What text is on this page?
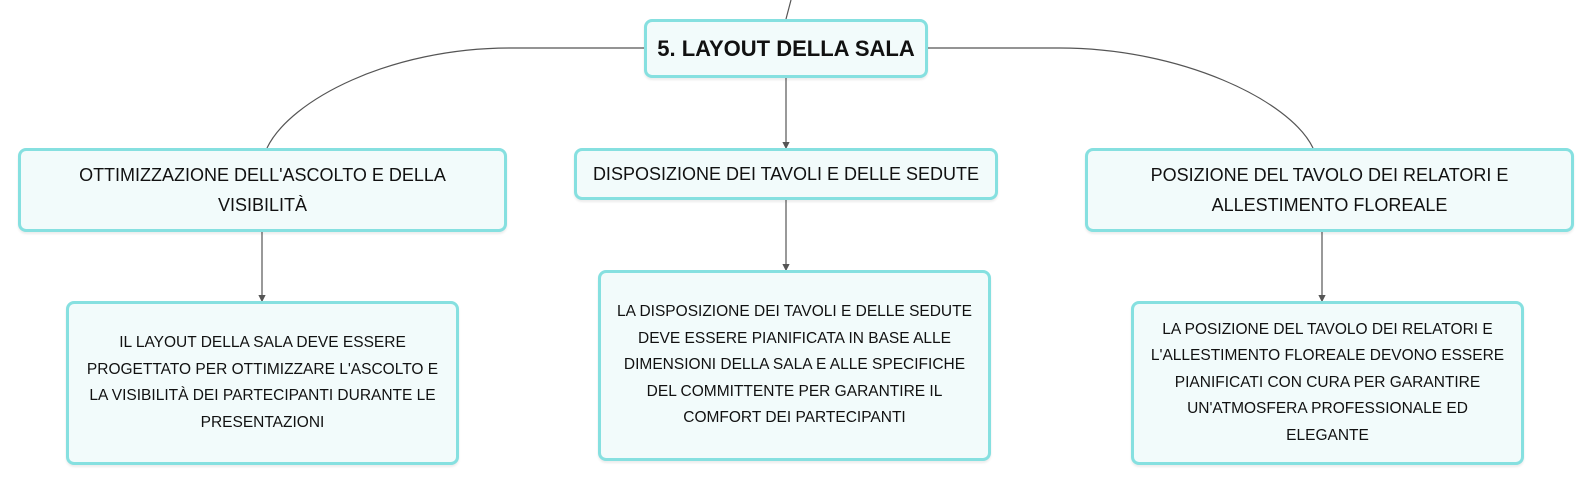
5. LAYOUT DELLA SALA
OTTIMIZZAZIONE DELL'ASCOLTO E DELLA VISIBILITÀ
DISPOSIZIONE DEI TAVOLI E DELLE SEDUTE	POSIZIONE DEL TAVOLO DEI RELATORI E ALLESTIMENTO FLOREALE
IL LAYOUT DELLA SALA DEVE ESSERE PROGETTATO PER OTTIMIZZARE L'ASCOLTO E LA VISIBILITÀ DEI PARTECIPANTI DURANTE LE PRESENTAZIONI
LA DISPOSIZIONE DEI TAVOLI E DELLE SEDUTE DEVE ESSERE PIANIFICATA IN BASE ALLE DIMENSIONI DELLA SALA E ALLE SPECIFICHE DEL COMMITTENTE PER GARANTIRE IL COMFORT DEI PARTECIPANTI
LA POSIZIONE DEL TAVOLO DEI RELATORI E L'ALLESTIMENTO FLOREALE DEVONO ESSERE PIANIFICATI CON CURA PER GARANTIRE UN'ATMOSFERA PROFESSIONALE ED ELEGANTE
